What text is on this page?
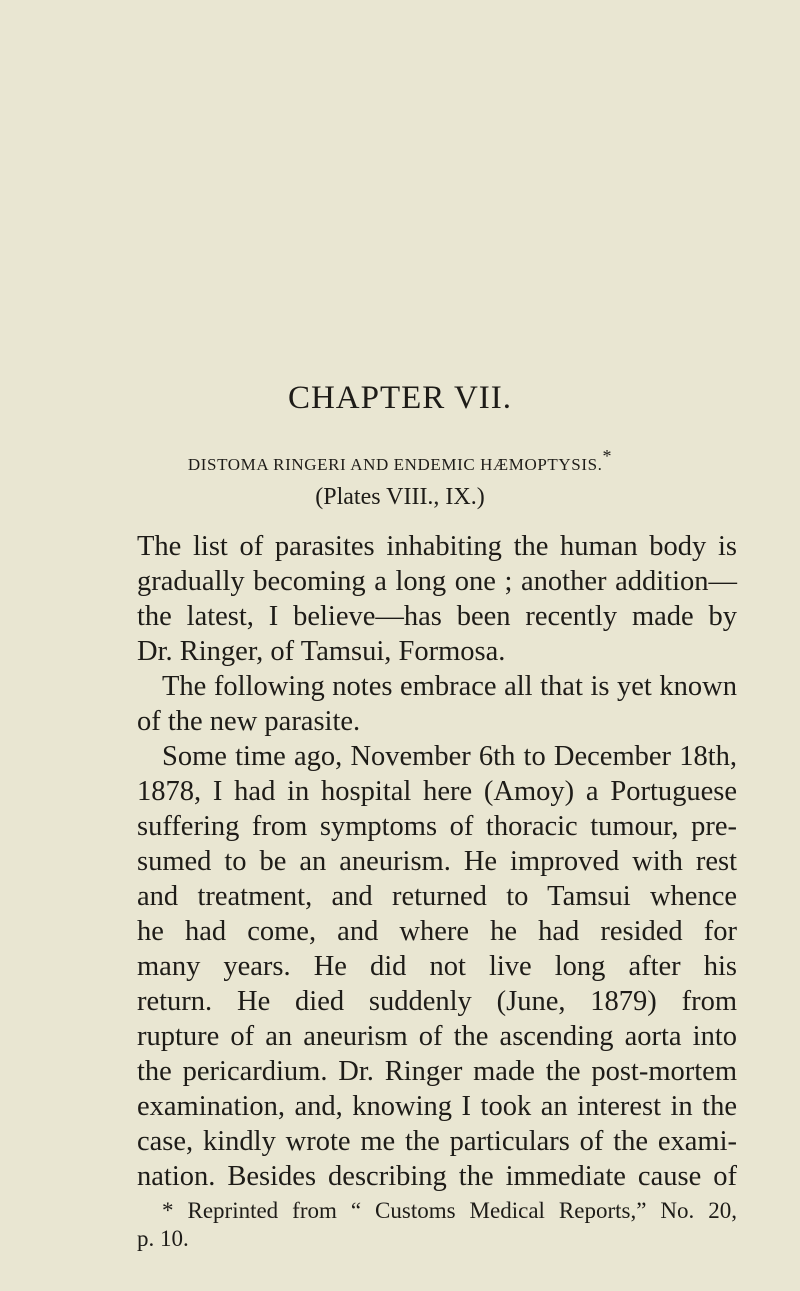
CHAPTER VII.
DISTOMA RINGERI AND ENDEMIC HÆMOPTYSIS.*
(Plates VIII., IX.)
The list of parasites inhabiting the human body is
gradually becoming a long one ; another addition—
the latest, I believe—has been recently made by
Dr. Ringer, of Tamsui, Formosa.
The following notes embrace all that is yet known
of the new parasite.
Some time ago, November 6th to December 18th,
1878, I had in hospital here (Amoy) a Portuguese
suffering from symptoms of thoracic tumour, pre-
sumed to be an aneurism. He improved with rest
and treatment, and returned to Tamsui whence
he had come, and where he had resided for
many years. He did not live long after his
return. He died suddenly (June, 1879) from
rupture of an aneurism of the ascending aorta into
the pericardium. Dr. Ringer made the post-mortem
examination, and, knowing I took an interest in the
case, kindly wrote me the particulars of the exami-
nation. Besides describing the immediate cause of
* Reprinted from “ Customs Medical Reports,” No. 20,
p. 10.
